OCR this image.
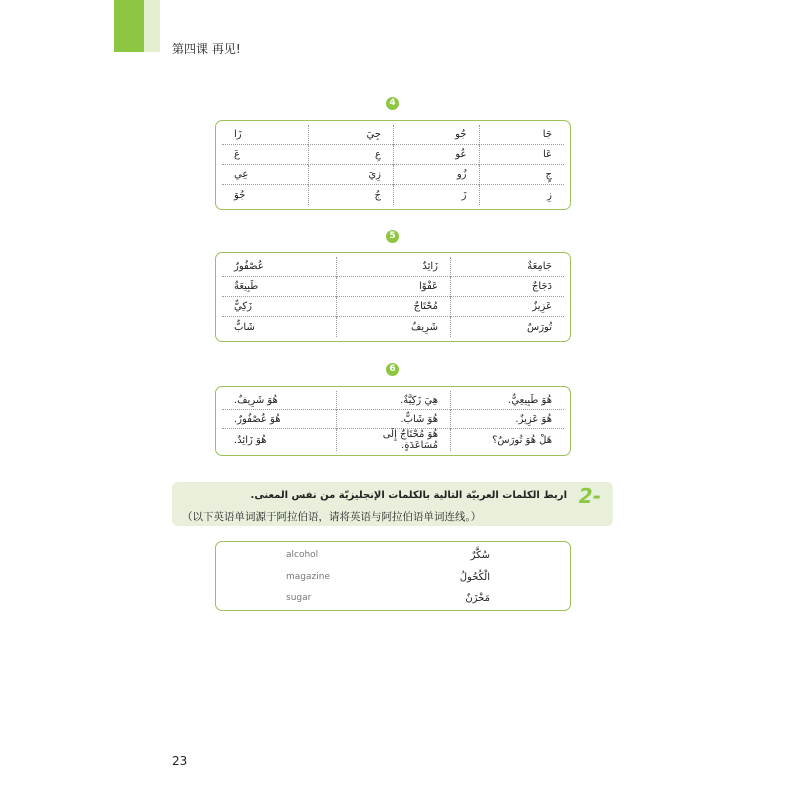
第四课 再见!
4
زَا	جِيَ	جُو	جَا
عَ	عِ	عُو	عَا
عِي	زِيَ	زُو	جٍ
جُوَ	جُ	زَ	زِ
5
عُصْفُورٌ	زَائِدٌ	جَامِعَةٌ
طَبِيعَةٌ	عَفْوًا	دَجَاجٌ
زَكِيٌّ	مُحْتَاجٌ	عَزِيزٌ
شَابٌّ	شَرِيفٌ	تُورَسٌ
6
هُوَ شَرِيفٌ.	هِيَ زَكِيَّةٌ.	هُوَ طَبِيعِيٌّ.
هُوَ عُصْفُورٌ.	هُوَ شَابٌّ.	هُوَ عَزِيزٌ.
هُوَ زَائِدٌ.	هُوَ مُحْتَاجٌ إِلَى مُسَاعَدَةٍ.	هَلْ هُوَ تُورَسٌ؟
2-
اربط الكلمات العربيّة التالية بالكلمات الإنجليزيّة من نفس المعنى.
（以下英语单词源于阿拉伯语，请将英语与阿拉伯语单词连线。）
alcohol	سُكَّرٌ
magazine	الْكُحُولُ
sugar	مَخْزَنٌ
23
